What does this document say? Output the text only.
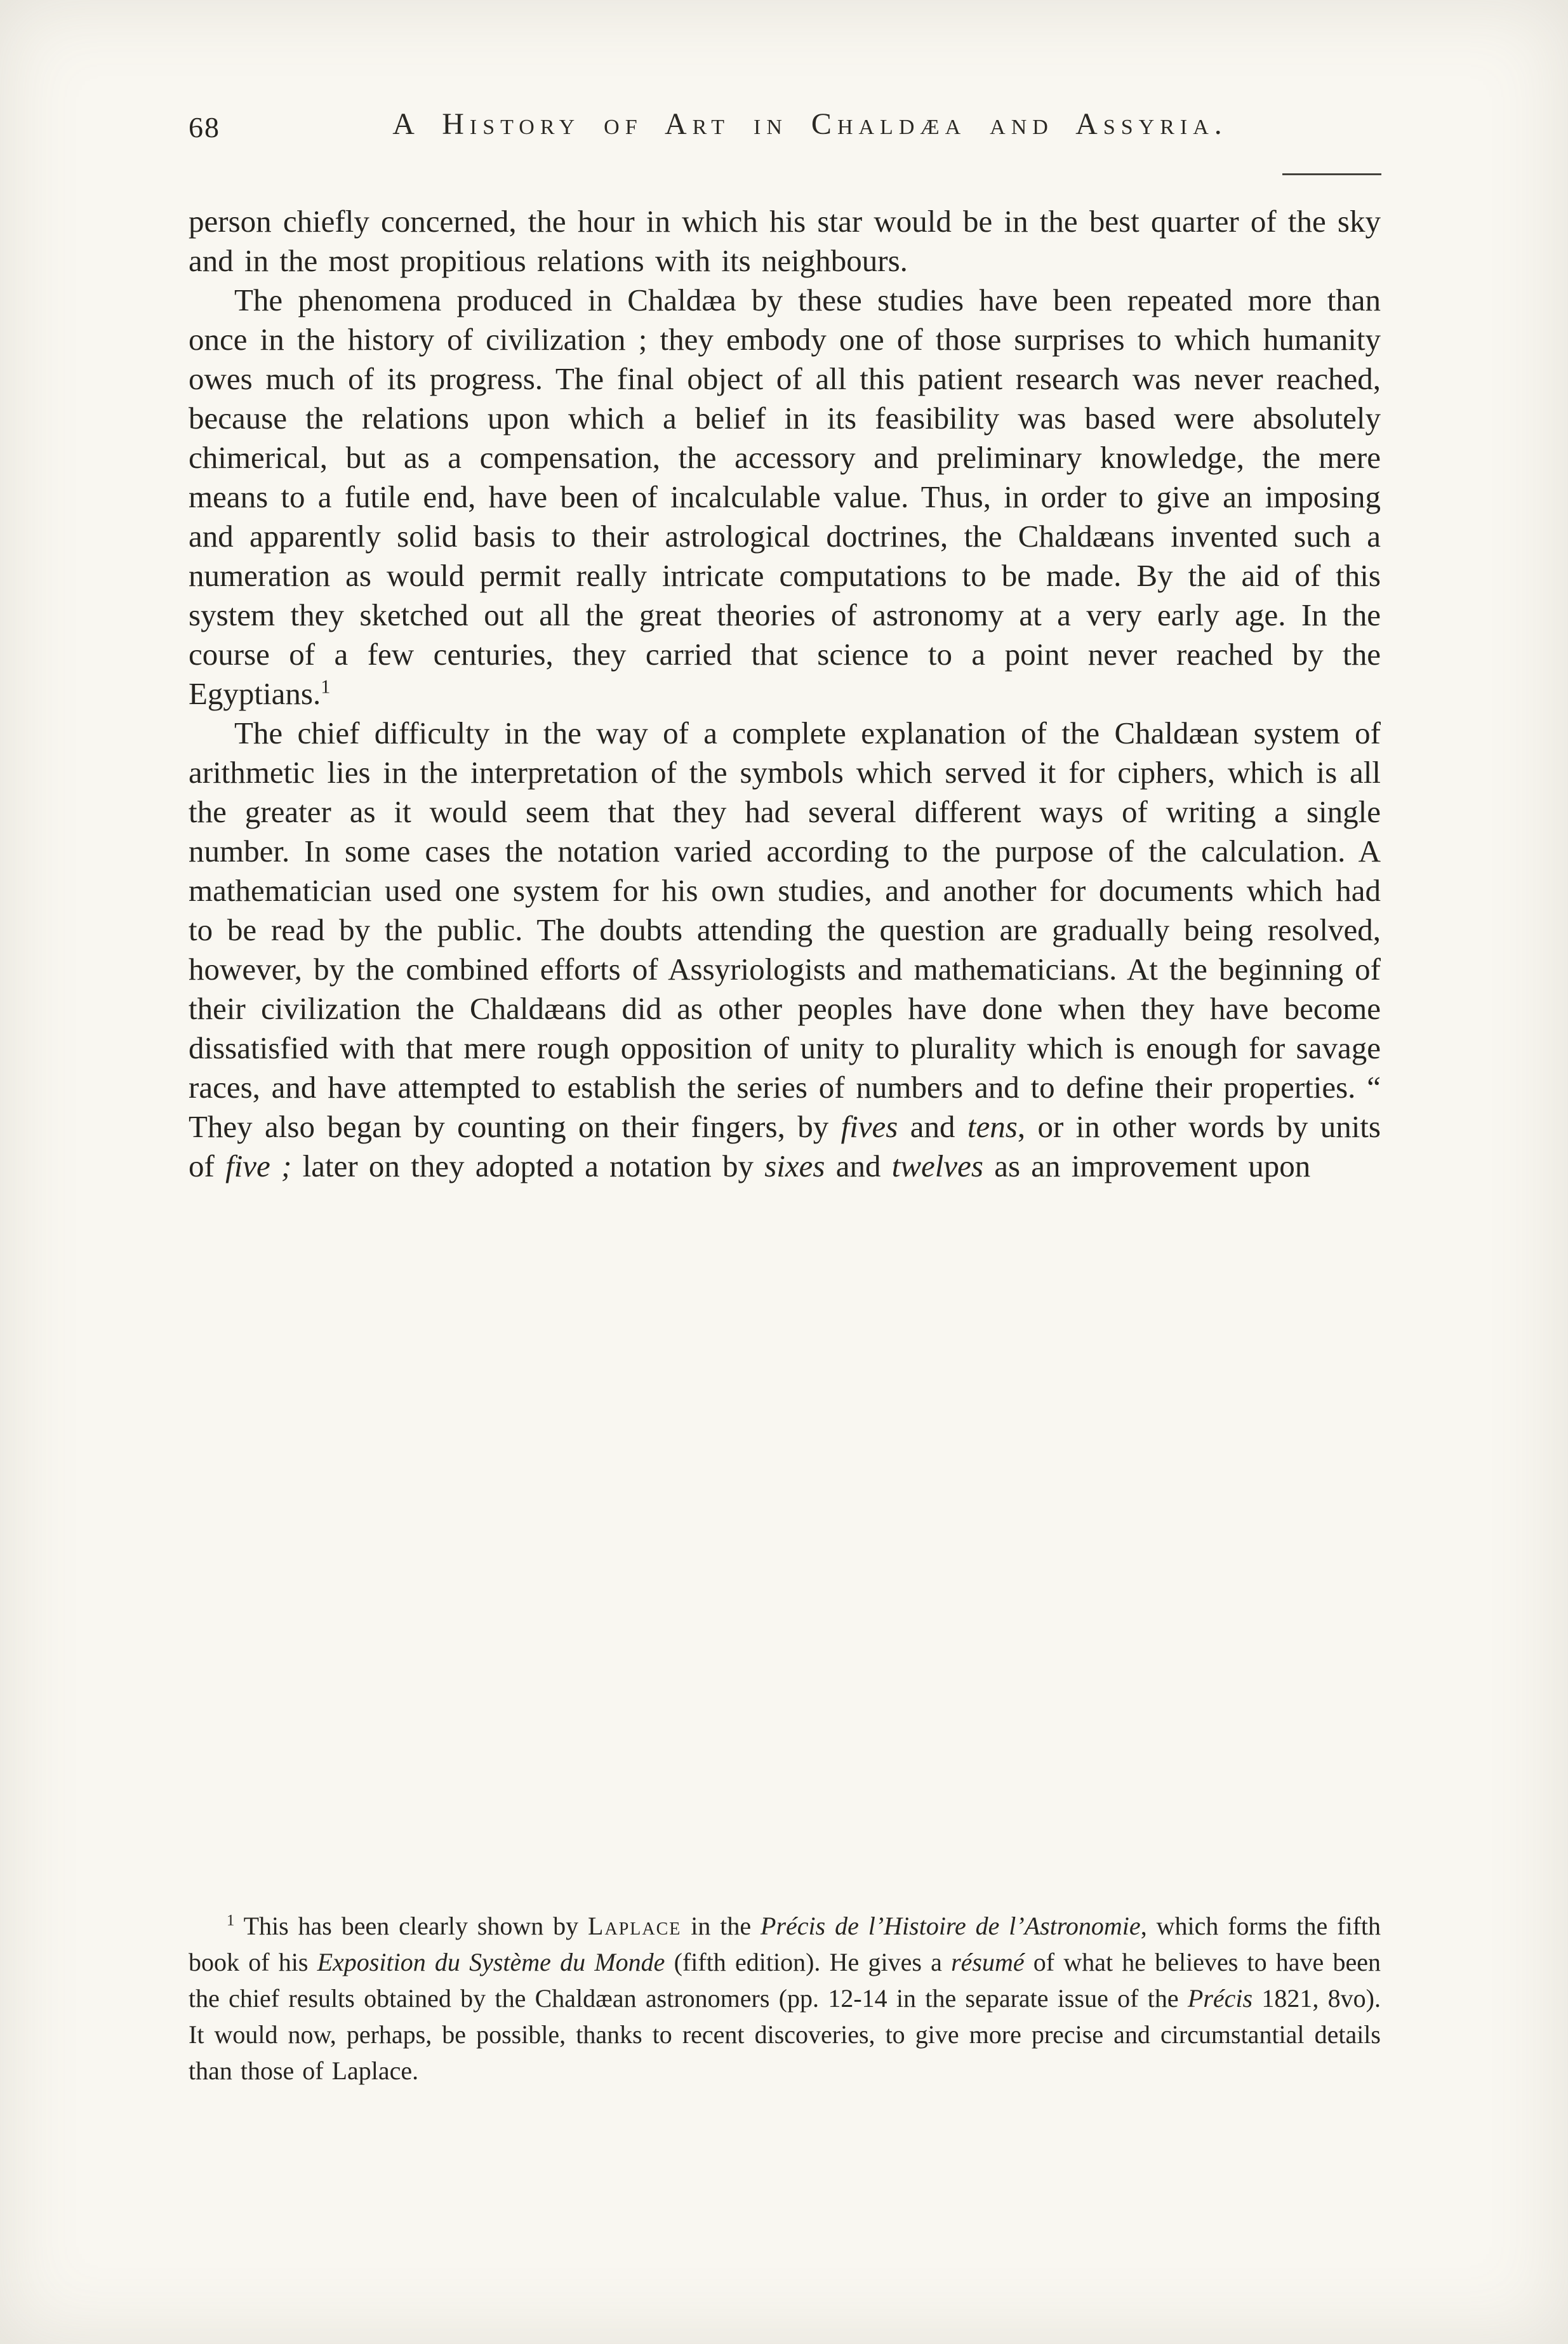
68	A History of Art in Chaldæa and Assyria.

person chiefly concerned, the hour in which his star would be in the best quarter of the sky and in the most propitious relations with its neighbours.

The phenomena produced in Chaldæa by these studies have been repeated more than once in the history of civilization ; they embody one of those surprises to which humanity owes much of its progress. The final object of all this patient research was never reached, because the relations upon which a belief in its feasibility was based were absolutely chimerical, but as a compensation, the accessory and preliminary knowledge, the mere means to a futile end, have been of incalculable value. Thus, in order to give an imposing and apparently solid basis to their astrological doctrines, the Chaldæans invented such a numeration as would permit really intricate computations to be made. By the aid of this system they sketched out all the great theories of astronomy at a very early age. In the course of a few centuries, they carried that science to a point never reached by the Egyptians.$^1$

The chief difficulty in the way of a complete explanation of the Chaldæan system of arithmetic lies in the interpretation of the symbols which served it for ciphers, which is all the greater as it would seem that they had several different ways of writing a single number. In some cases the notation varied according to the purpose of the calculation. A mathematician used one system for his own studies, and another for documents which had to be read by the public. The doubts attending the question are gradually being resolved, however, by the combined efforts of Assyriologists and mathematicians. At the beginning of their civilization the Chaldæans did as other peoples have done when they have become dissatisfied with that mere rough opposition of unity to plurality which is enough for savage races, and have attempted to establish the series of numbers and to define their properties. “ They also began by counting on their fingers, by fives and tens, or in other words by units of five ; later on they adopted a notation by sixes and twelves as an improvement upon

$^1$ This has been clearly shown by Laplace in the Précis de l’Histoire de l’Astronomie, which forms the fifth book of his Exposition du Système du Monde (fifth edition). He gives a résumé of what he believes to have been the chief results obtained by the Chaldæan astronomers (pp. 12-14 in the separate issue of the Précis 1821, 8vo). It would now, perhaps, be possible, thanks to recent discoveries, to give more precise and circumstantial details than those of Laplace.
